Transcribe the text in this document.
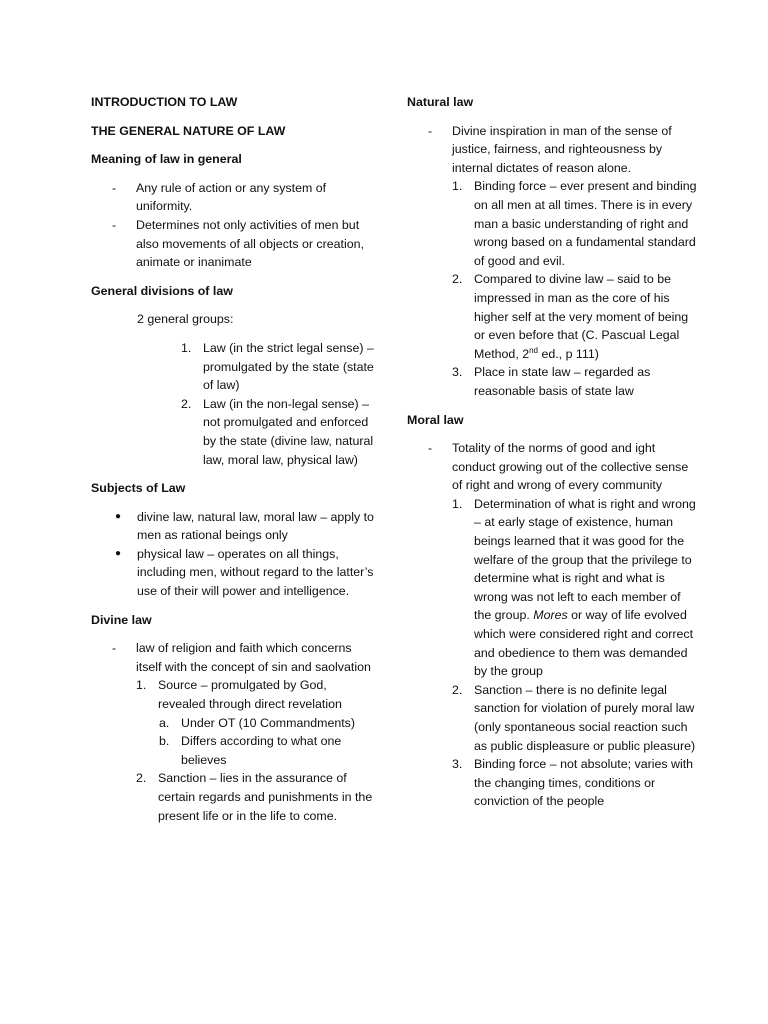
INTRODUCTION TO LAW
THE GENERAL NATURE OF LAW
Meaning of law in general
- Any rule of action or any system of uniformity.
- Determines not only activities of men but also movements of all objects or creation, animate or inanimate
General divisions of law
2 general groups:
1. Law (in the strict legal sense) – promulgated by the state (state of law)
2. Law (in the non-legal sense) – not promulgated and enforced by the state (divine law, natural law, moral law, physical law)
Subjects of Law
● divine law, natural law, moral law – apply to men as rational beings only
● physical law – operates on all things, including men, without regard to the latter’s use of their will power and intelligence.
Divine law
- law of religion and faith which concerns itself with the concept of sin and saolvation
1. Source – promulgated by God, revealed through direct revelation
a. Under OT (10 Commandments)
b. Differs according to what one believes
2. Sanction – lies in the assurance of certain regards and punishments in the present life or in the life to come.
Natural law
- Divine inspiration in man of the sense of justice, fairness, and righteousness by internal dictates of reason alone.
1. Binding force – ever present and binding on all men at all times. There is in every man a basic understanding of right and wrong based on a fundamental standard of good and evil.
2. Compared to divine law – said to be impressed in man as the core of his higher self at the very moment of being or even before that (C. Pascual Legal Method, 2nd ed., p 111)
3. Place in state law – regarded as reasonable basis of state law
Moral law
- Totality of the norms of good and ight conduct growing out of the collective sense of right and wrong of every community
1. Determination of what is right and wrong – at early stage of existence, human beings learned that it was good for the welfare of the group that the privilege to determine what is right and what is wrong was not left to each member of the group. Mores or way of life evolved which were considered right and correct and obedience to them was demanded by the group
2. Sanction – there is no definite legal sanction for violation of purely moral law (only spontaneous social reaction such as public displeasure or public pleasure)
3. Binding force – not absolute; varies with the changing times, conditions or conviction of the people
